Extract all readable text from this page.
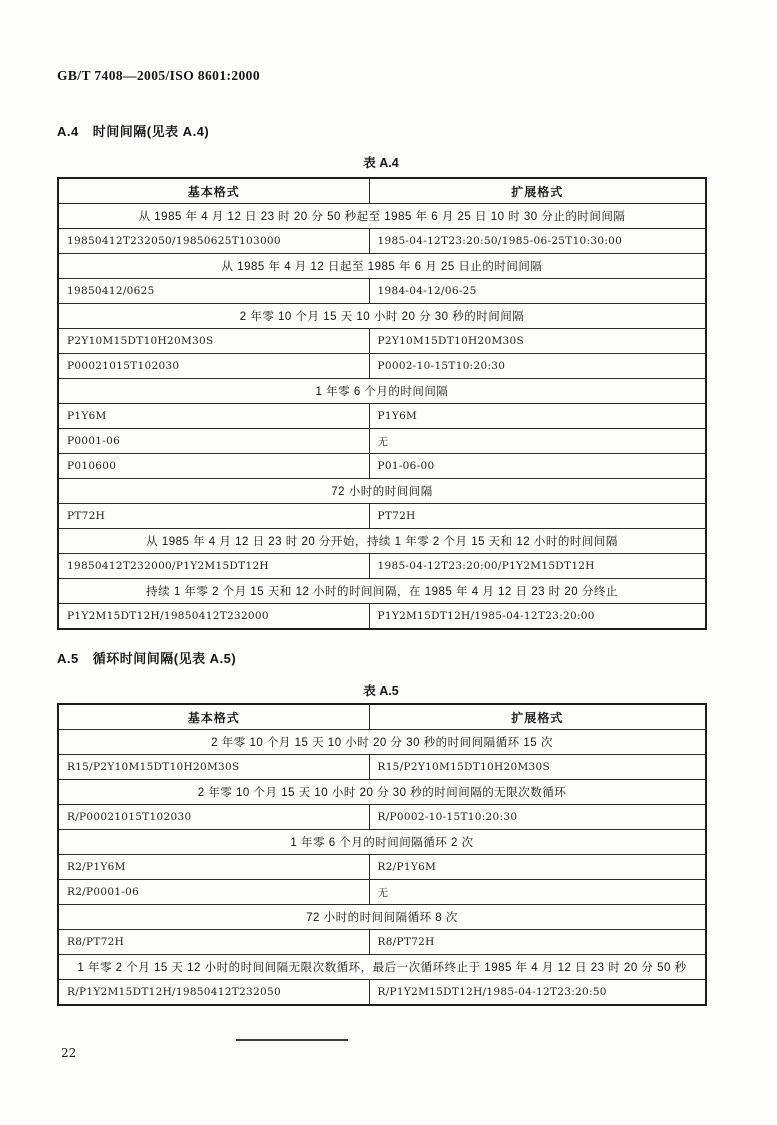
GB/T 7408—2005/ISO 8601:2000
A.4 时间间隔(见表 A.4)
表 A.4
基本格式	扩展格式
从 1985 年 4 月 12 日 23 时 20 分 50 秒起至 1985 年 6 月 25 日 10 时 30 分止的时间间隔	
19850412T232050/19850625T103000	1985-04-12T23:20:50/1985-06-25T10:30:00
从 1985 年 4 月 12 日起至 1985 年 6 月 25 日止的时间间隔	
19850412/0625	1984-04-12/06-25
2 年零 10 个月 15 天 10 小时 20 分 30 秒的时间间隔	
P2Y10M15DT10H20M30S	P2Y10M15DT10H20M30S
P00021015T102030	P0002-10-15T10:20:30
1 年零 6 个月的时间间隔	
P1Y6M	P1Y6M
P0001-06	无
P010600	P01-06-00
72 小时的时间间隔	
PT72H	PT72H
从 1985 年 4 月 12 日 23 时 20 分开始，持续 1 年零 2 个月 15 天和 12 小时的时间间隔	
19850412T232000/P1Y2M15DT12H	1985-04-12T23:20:00/P1Y2M15DT12H
持续 1 年零 2 个月 15 天和 12 小时的时间间隔，在 1985 年 4 月 12 日 23 时 20 分终止	
P1Y2M15DT12H/19850412T232000	P1Y2M15DT12H/1985-04-12T23:20:00
A.5 循环时间间隔(见表 A.5)
表 A.5
基本格式	扩展格式
2 年零 10 个月 15 天 10 小时 20 分 30 秒的时间间隔循环 15 次	
R15/P2Y10M15DT10H20M30S	R15/P2Y10M15DT10H20M30S
2 年零 10 个月 15 天 10 小时 20 分 30 秒的时间间隔的无限次数循环	
R/P00021015T102030	R/P0002-10-15T10:20:30
1 年零 6 个月的时间间隔循环 2 次	
R2/P1Y6M	R2/P1Y6M
R2/P0001-06	无
72 小时的时间间隔循环 8 次	
R8/PT72H	R8/PT72H
1 年零 2 个月 15 天 12 小时的时间间隔无限次数循环，最后一次循环终止于 1985 年 4 月 12 日 23 时 20 分 50 秒	
R/P1Y2M15DT12H/19850412T232050	R/P1Y2M15DT12H/1985-04-12T23:20:50
22
